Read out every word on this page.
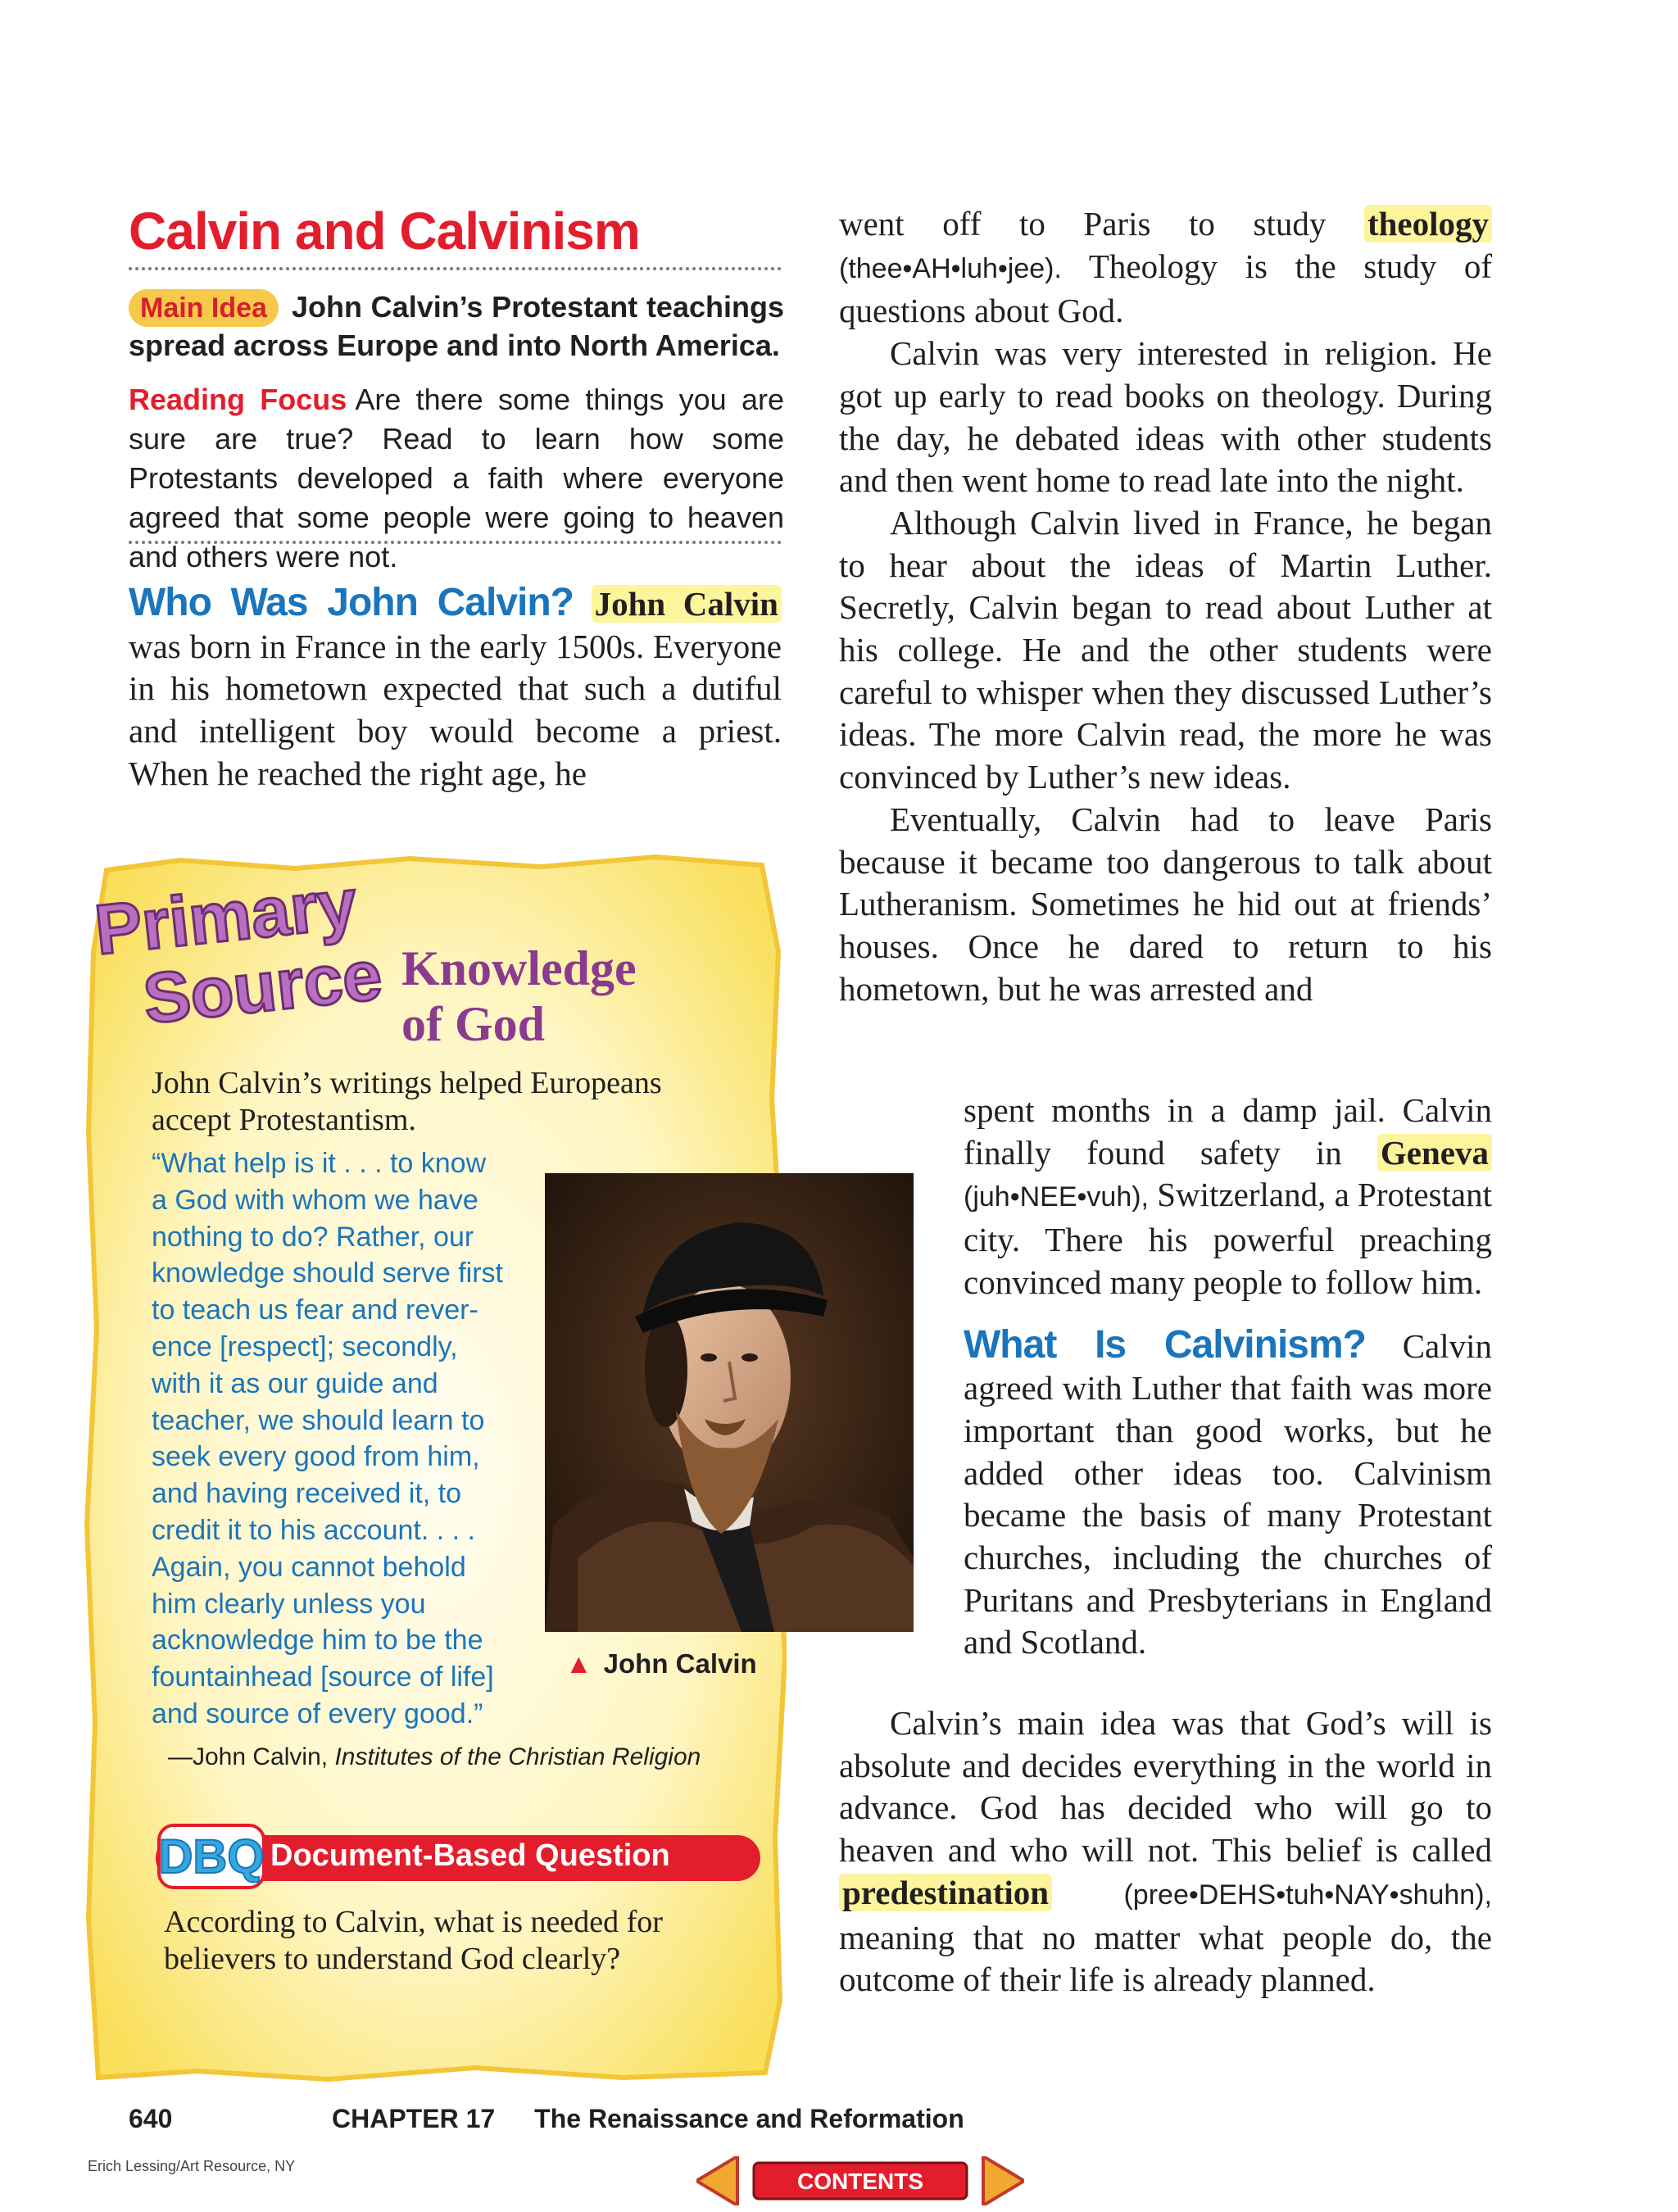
Calvin and Calvinism
Main Idea John Calvin’s Protestant teachings spread across Europe and into North America.
Reading Focus Are there some things you are sure are true? Read to learn how some Protestants developed a faith where everyone agreed that some people were going to heaven and others were not.

Who Was John Calvin? John Calvin was born in France in the early 1500s. Everyone in his hometown expected that such a dutiful and intelligent boy would become a priest. When he reached the right age, he

Primary
Source Knowledge of God
John Calvin’s writings helped Europeans accept Protestantism.
“What help is it . . . to know
a God with whom we have
nothing to do? Rather, our
knowledge should serve first
to teach us fear and rever-
ence [respect]; secondly,
with it as our guide and
teacher, we should learn to
seek every good from him,
and having received it, to
credit it to his account. . . .
Again, you cannot behold
him clearly unless you
acknowledge him to be the
fountainhead [source of life]
and source of every good.”
▲ John Calvin
—John Calvin, Institutes of the Christian Religion
DBQ Document-Based Question
According to Calvin, what is needed for believers to understand God clearly?

went off to Paris to study theology (thee•AH•luh•jee). Theology is the study of questions about God.

Calvin was very interested in religion. He got up early to read books on theology. During the day, he debated ideas with other students and then went home to read late into the night.

Although Calvin lived in France, he began to hear about the ideas of Martin Luther. Secretly, Calvin began to read about Luther at his college. He and the other students were careful to whisper when they discussed Luther’s ideas. The more Calvin read, the more he was convinced by Luther’s new ideas.

Eventually, Calvin had to leave Paris because it became too dangerous to talk about Lutheranism. Sometimes he hid out at friends’ houses. Once he dared to return to his hometown, but he was arrested and

spent months in a damp jail. Calvin finally found safety in Geneva (juh•NEE•vuh), Switzerland, a Protestant city. There his powerful preaching convinced many people to follow him.

What Is Calvinism? Calvin agreed with Luther that faith was more important than good works, but he added other ideas too. Calvinism became the basis of many Protestant churches, including the churches of Puritans and Presbyterians in England and Scotland.

Calvin’s main idea was that God’s will is absolute and decides everything in the world in advance. God has decided who will go to heaven and who will not. This belief is called predestination	(pree•DEHS•tuh•NAY•shuhn), meaning that no matter what people do, the outcome of their life is already planned.

640	CHAPTER 17 The Renaissance and Reformation
Erich Lessing/Art Resource, NY
CONTENTS
